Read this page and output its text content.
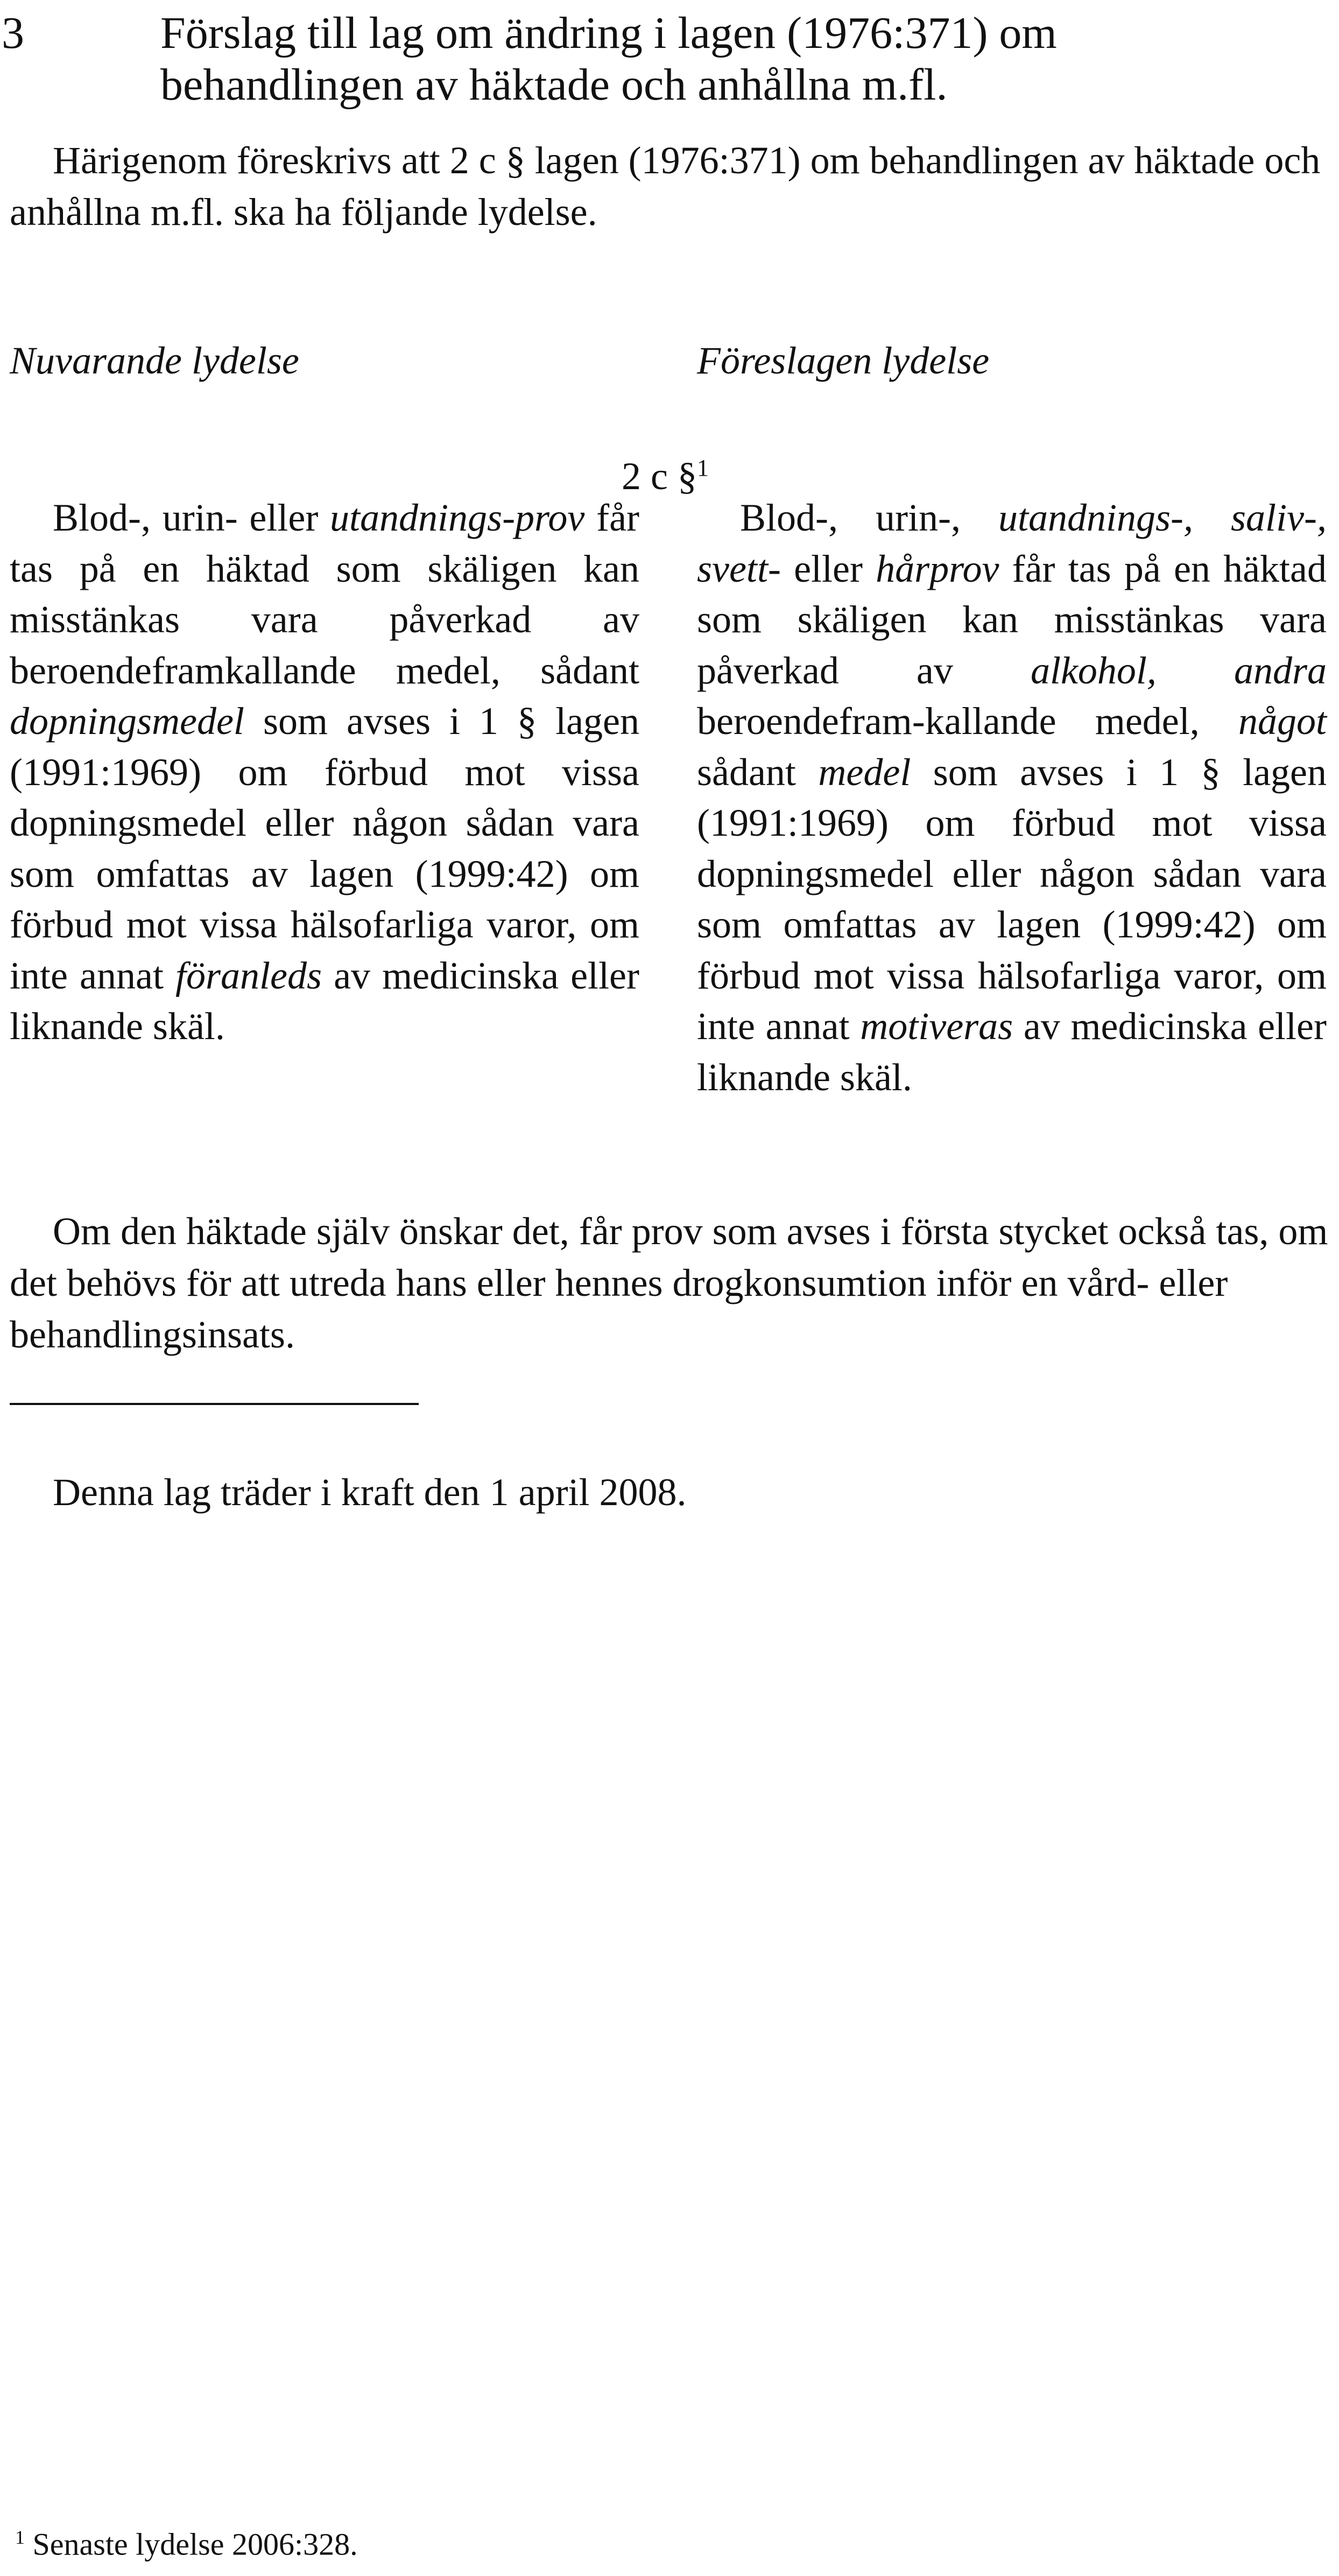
3	Förslag till lag om ändring i lagen (1976:371) om
behandlingen av häktade och anhållna m.fl.

Härigenom föreskrivs att 2 c § lagen (1976:371) om behandlingen av häktade och anhållna m.fl. ska ha följande lydelse.

Nuvarande lydelse	Föreslagen lydelse
2 c §$^1$

Blod-, urin- eller utandnings-prov får tas på en häktad som skäligen kan misstänkas vara påverkad av beroendeframkallande medel, sådant dopningsmedel som avses i 1 § lagen (1991:1969) om förbud mot vissa dopningsmedel eller någon sådan vara som omfattas av lagen (1999:42) om förbud mot vissa hälsofarliga varor, om inte annat föranleds av medicinska eller liknande skäl.

Blod-, urin-, utandnings-, saliv-, svett- eller hårprov får tas på en häktad som skäligen kan misstänkas vara påverkad av alkohol, andra beroendefram-kallande medel, något sådant medel som avses i 1 § lagen (1991:1969) om förbud mot vissa dopningsmedel eller någon sådan vara som omfattas av lagen (1999:42) om förbud mot vissa hälsofarliga varor, om inte annat motiveras av medicinska eller liknande skäl.

Om den häktade själv önskar det, får prov som avses i första stycket också tas, om det behövs för att utreda hans eller hennes drogkonsumtion inför en vård- eller behandlingsinsats.

Denna lag träder i kraft den 1 april 2008.

$^1$ Senaste lydelse 2006:328.
